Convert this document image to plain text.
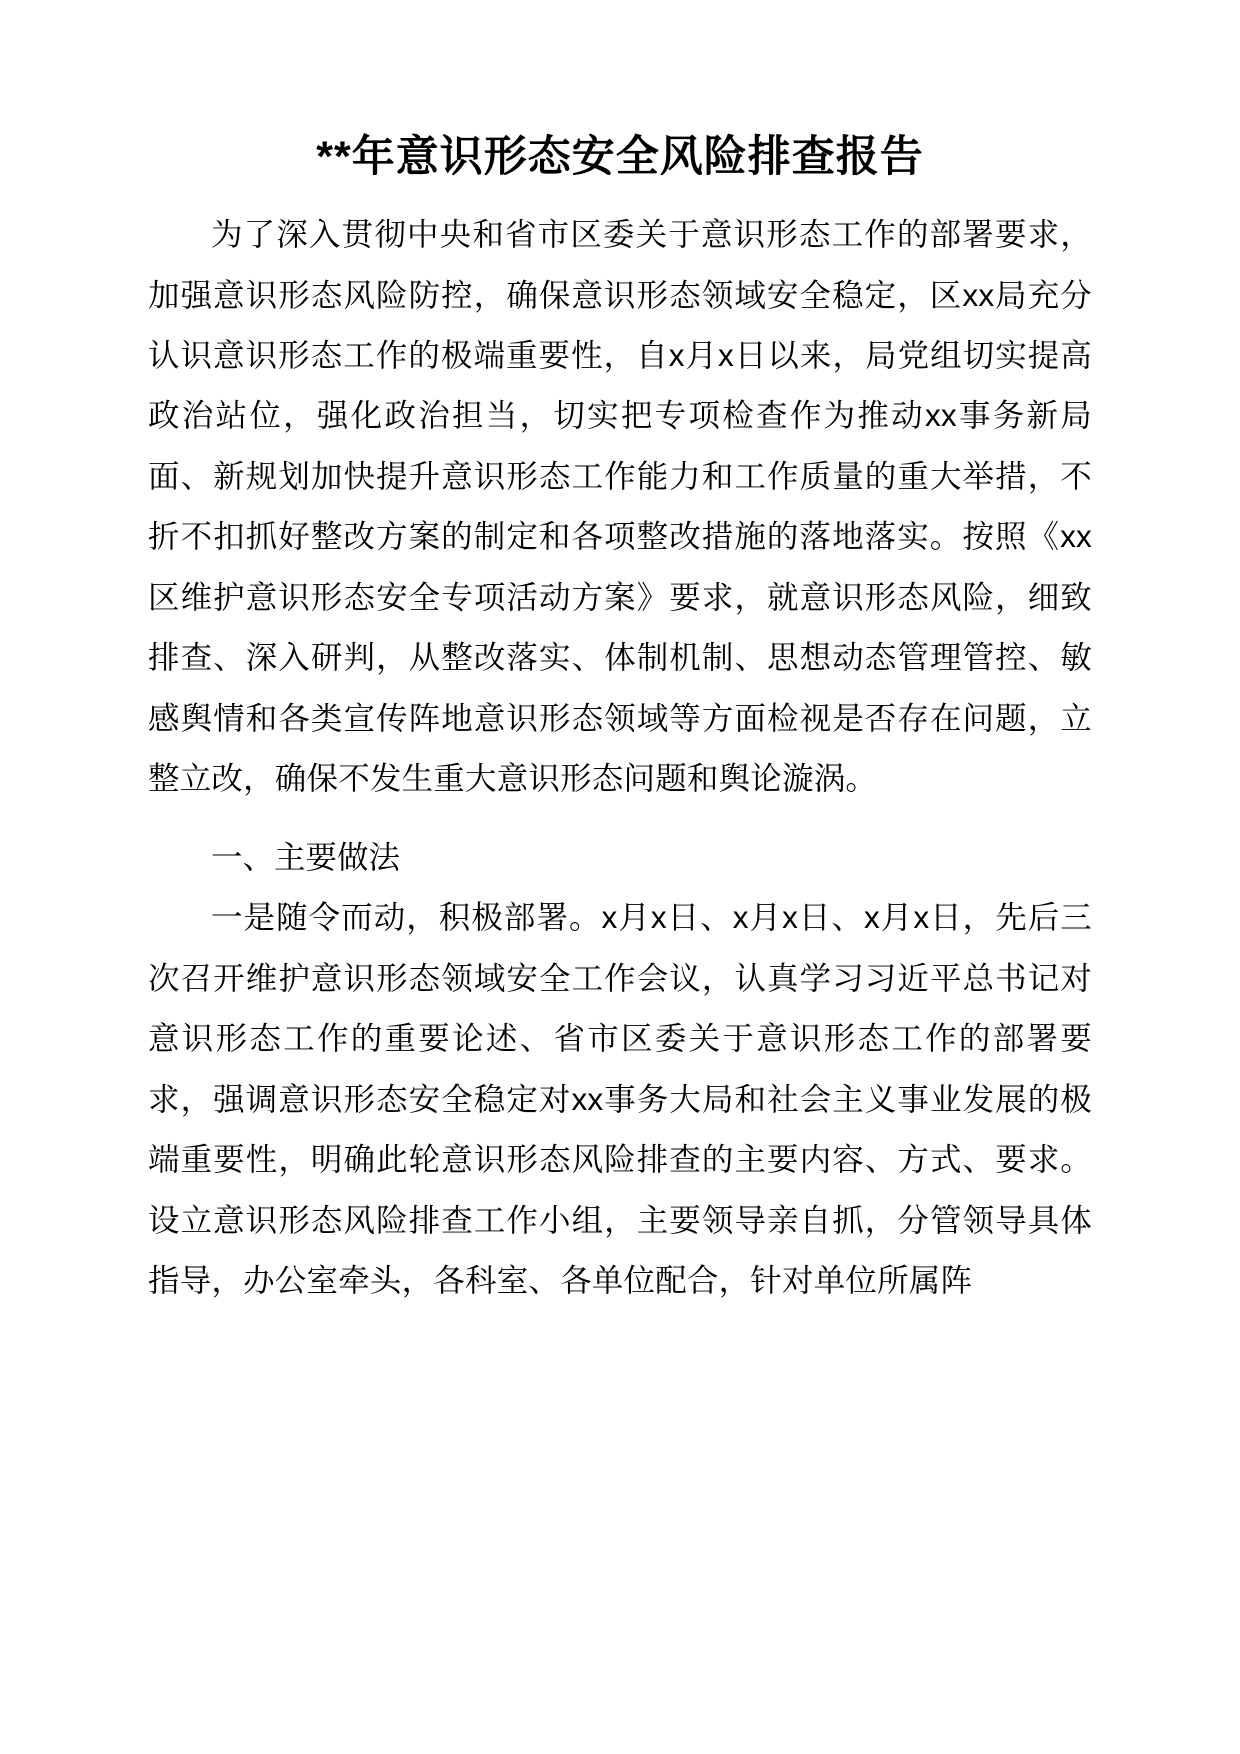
**年意识形态安全风险排查报告

为了深入贯彻中央和省市区委关于意识形态工作的部署要求，加强意识形态风险防控，确保意识形态领域安全稳定，区xx局充分认识意识形态工作的极端重要性，自x月x日以来，局党组切实提高政治站位，强化政治担当，切实把专项检查作为推动xx事务新局面、新规划加快提升意识形态工作能力和工作质量的重大举措，不折不扣抓好整改方案的制定和各项整改措施的落地落实。按照《xx区维护意识形态安全专项活动方案》要求，就意识形态风险，细致排查、深入研判，从整改落实、体制机制、思想动态管理管控、敏感舆情和各类宣传阵地意识形态领域等方面检视是否存在问题，立整立改，确保不发生重大意识形态问题和舆论漩涡。

一、主要做法

一是随令而动，积极部署。x月x日、x月x日、x月x日，先后三次召开维护意识形态领域安全工作会议，认真学习习近平总书记对意识形态工作的重要论述、省市区委关于意识形态工作的部署要求，强调意识形态安全稳定对xx事务大局和社会主义事业发展的极端重要性，明确此轮意识形态风险排查的主要内容、方式、要求。设立意识形态风险排查工作小组，主要领导亲自抓，分管领导具体指导，办公室牵头，各科室、各单位配合，针对单位所属阵
